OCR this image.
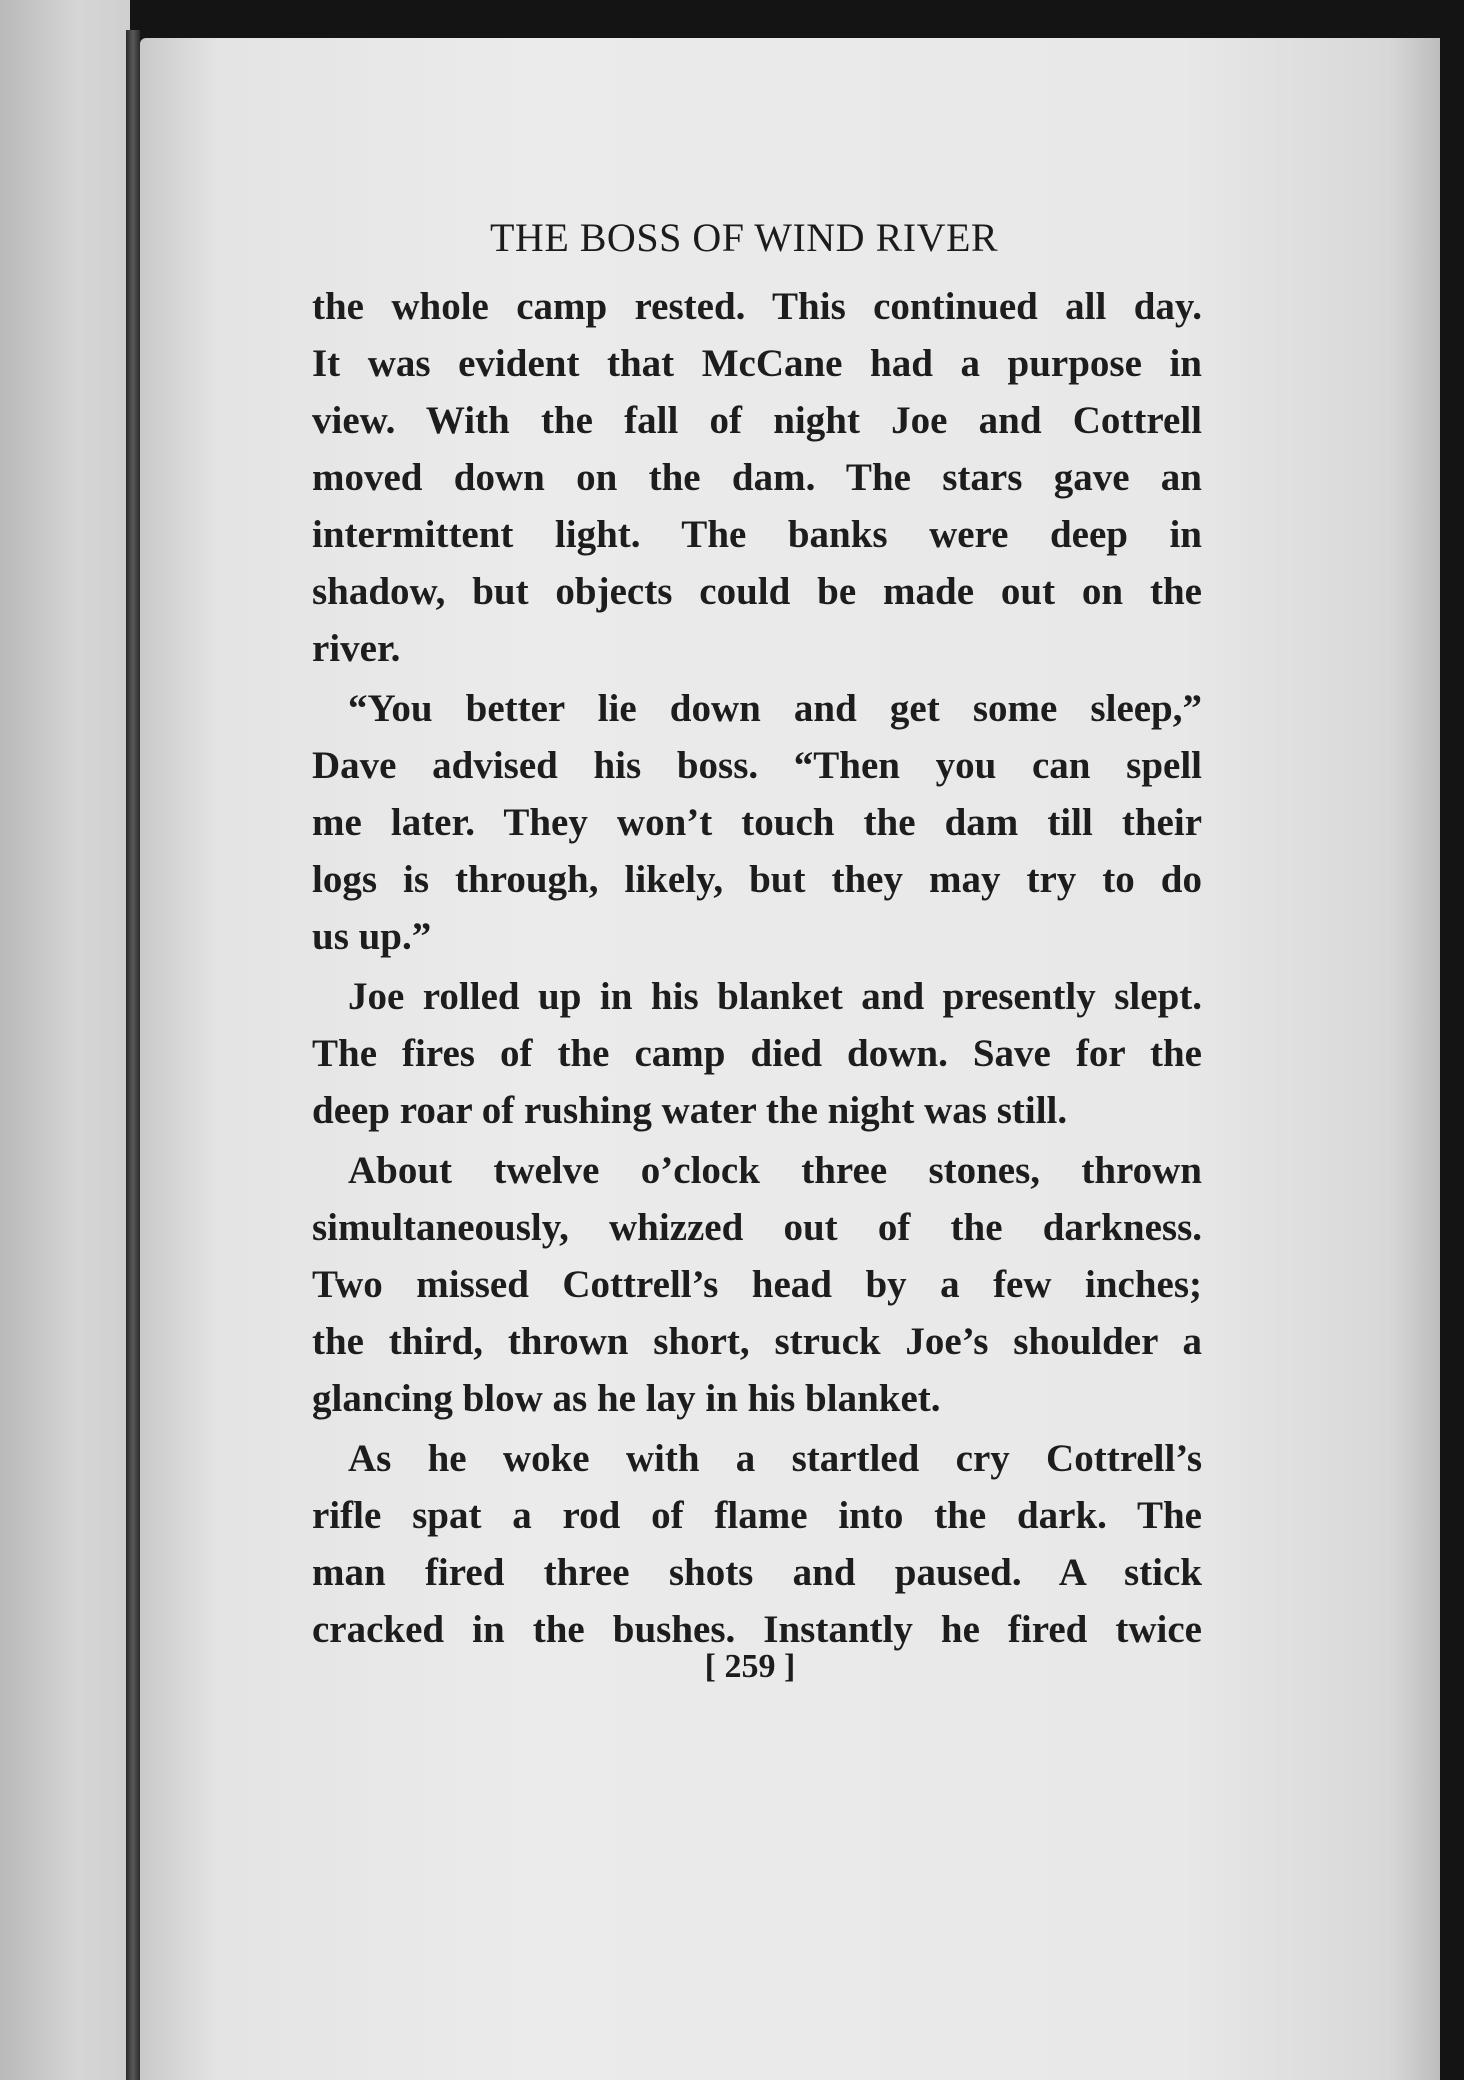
THE BOSS OF WIND RIVER

the whole camp rested. This continued all day.
It was evident that McCane had a purpose in
view. With the fall of night Joe and Cottrell
moved down on the dam. The stars gave an
intermittent light. The banks were deep in
shadow, but objects could be made out on the
river.

“You better lie down and get some sleep,”
Dave advised his boss. “Then you can spell
me later. They won’t touch the dam till their
logs is through, likely, but they may try to do
us up.”

Joe rolled up in his blanket and presently slept.
The fires of the camp died down. Save for the
deep roar of rushing water the night was still.

About twelve o’clock three stones, thrown
simultaneously, whizzed out of the darkness.
Two missed Cottrell’s head by a few inches;
the third, thrown short, struck Joe’s shoulder a
glancing blow as he lay in his blanket.

As he woke with a startled cry Cottrell’s
rifle spat a rod of flame into the dark. The
man fired three shots and paused. A stick
cracked in the bushes. Instantly he fired twice

[ 259 ]
